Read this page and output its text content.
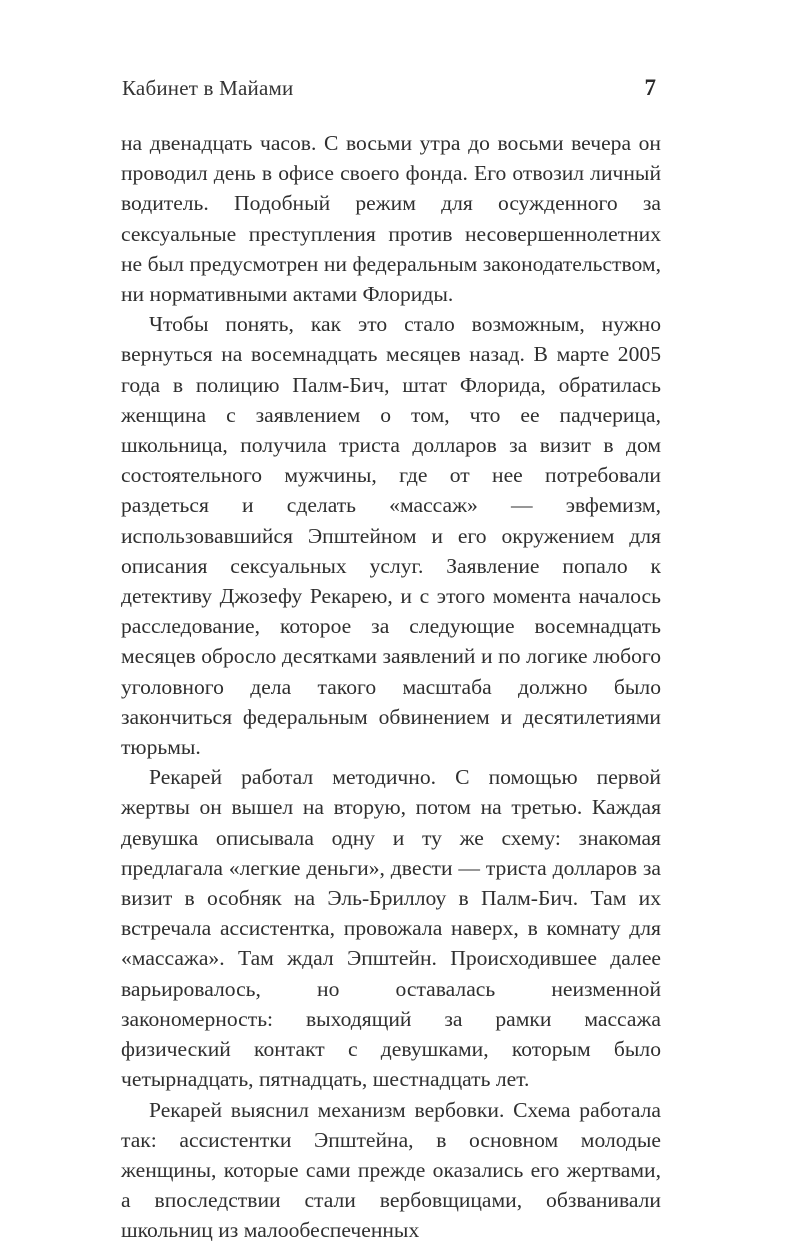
Кабинет в Майами	7

на двенадцать часов. С восьми утра до восьми вечера он проводил день в офисе своего фонда. Его отвозил личный водитель. Подобный режим для осужденного за сексуальные преступления против несовершеннолетних не был предусмотрен ни федеральным законодательством, ни нормативными актами Флориды.

Чтобы понять, как это стало возможным, нужно вернуться на восемнадцать месяцев назад. В марте 2005 года в полицию Палм-Бич, штат Флорида, обратилась женщина с заявлением о том, что ее падчерица, школьница, получила триста долларов за визит в дом состоятельного мужчины, где от нее потребовали раздеться и сделать «массаж» — эвфемизм, использовавшийся Эпштейном и его окружением для описания сексуальных услуг. Заявление попало к детективу Джозефу Рекарею, и с этого момента началось расследование, которое за следующие восемнадцать месяцев обросло десятками заявлений и по логике любого уголовного дела такого масштаба должно было закончиться федеральным обвинением и десятилетиями тюрьмы.

Рекарей работал методично. С помощью первой жертвы он вышел на вторую, потом на третью. Каждая девушка описывала одну и ту же схему: знакомая предлагала «легкие деньги», двести — триста долларов за визит в особняк на Эль-Бриллоу в Палм-Бич. Там их встречала ассистентка, провожала наверх, в комнату для «массажа». Там ждал Эпштейн. Происходившее далее варьировалось, но оставалась неизменной закономерность: выходящий за рамки массажа физический контакт с девушками, которым было четырнадцать, пятнадцать, шестнадцать лет.

Рекарей выяснил механизм вербовки. Схема работала так: ассистентки Эпштейна, в основном молодые женщины, которые сами прежде оказались его жертвами, а впоследствии стали вербовщицами, обзванивали школьниц из малообеспеченных
